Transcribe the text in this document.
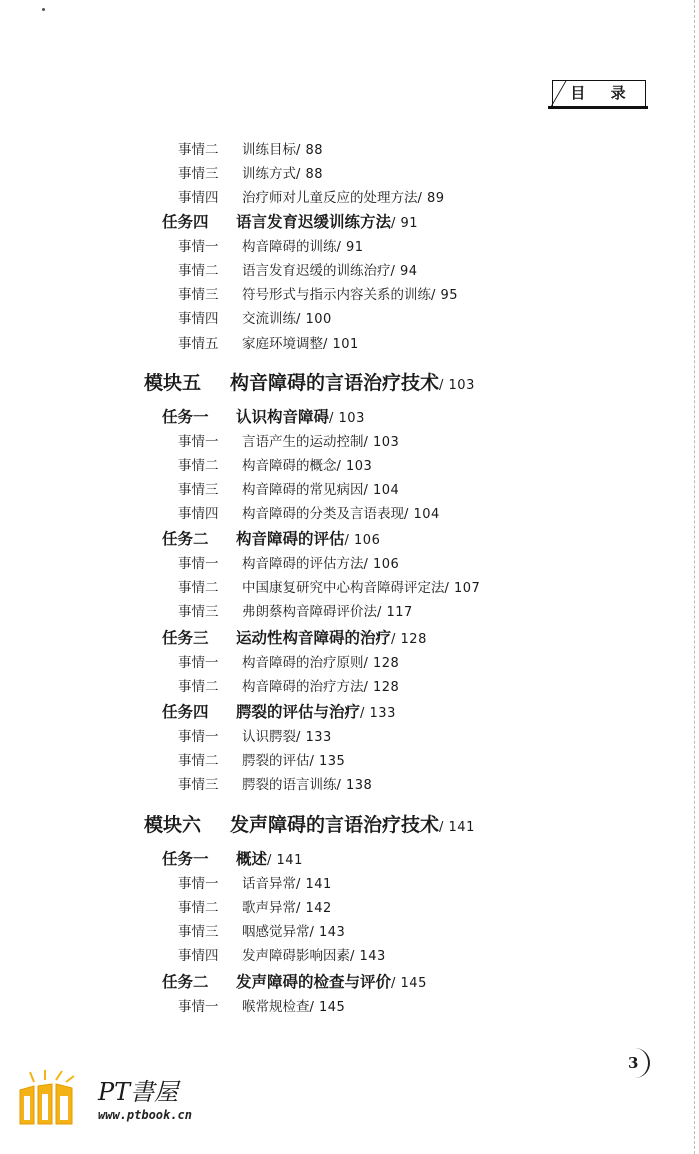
目 录
事情二 训练目标/ 88
事情三 训练方式/ 88
事情四 治疗师对儿童反应的处理方法/ 89
任务四 语言发育迟缓训练方法/ 91
事情一 构音障碍的训练/ 91
事情二 语言发育迟缓的训练治疗/ 94
事情三 符号形式与指示内容关系的训练/ 95
事情四 交流训练/ 100
事情五 家庭环境调整/ 101
模块五 构音障碍的言语治疗技术/ 103
任务一 认识构音障碍/ 103
事情一 言语产生的运动控制/ 103
事情二 构音障碍的概念/ 103
事情三 构音障碍的常见病因/ 104
事情四 构音障碍的分类及言语表现/ 104
任务二 构音障碍的评估/ 106
事情一 构音障碍的评估方法/ 106
事情二 中国康复研究中心构音障碍评定法/ 107
事情三 弗朗蔡构音障碍评价法/ 117
任务三 运动性构音障碍的治疗/ 128
事情一 构音障碍的治疗原则/ 128
事情二 构音障碍的治疗方法/ 128
任务四 腭裂的评估与治疗/ 133
事情一 认识腭裂/ 133
事情二 腭裂的评估/ 135
事情三 腭裂的语言训练/ 138
模块六 发声障碍的言语治疗技术/ 141
任务一 概述/ 141
事情一 话音异常/ 141
事情二 歌声异常/ 142
事情三 咽感觉异常/ 143
事情四 发声障碍影响因素/ 143
任务二 发声障碍的检查与评价/ 145
事情一 喉常规检查/ 145
3
PT書屋
www.ptbook.cn
